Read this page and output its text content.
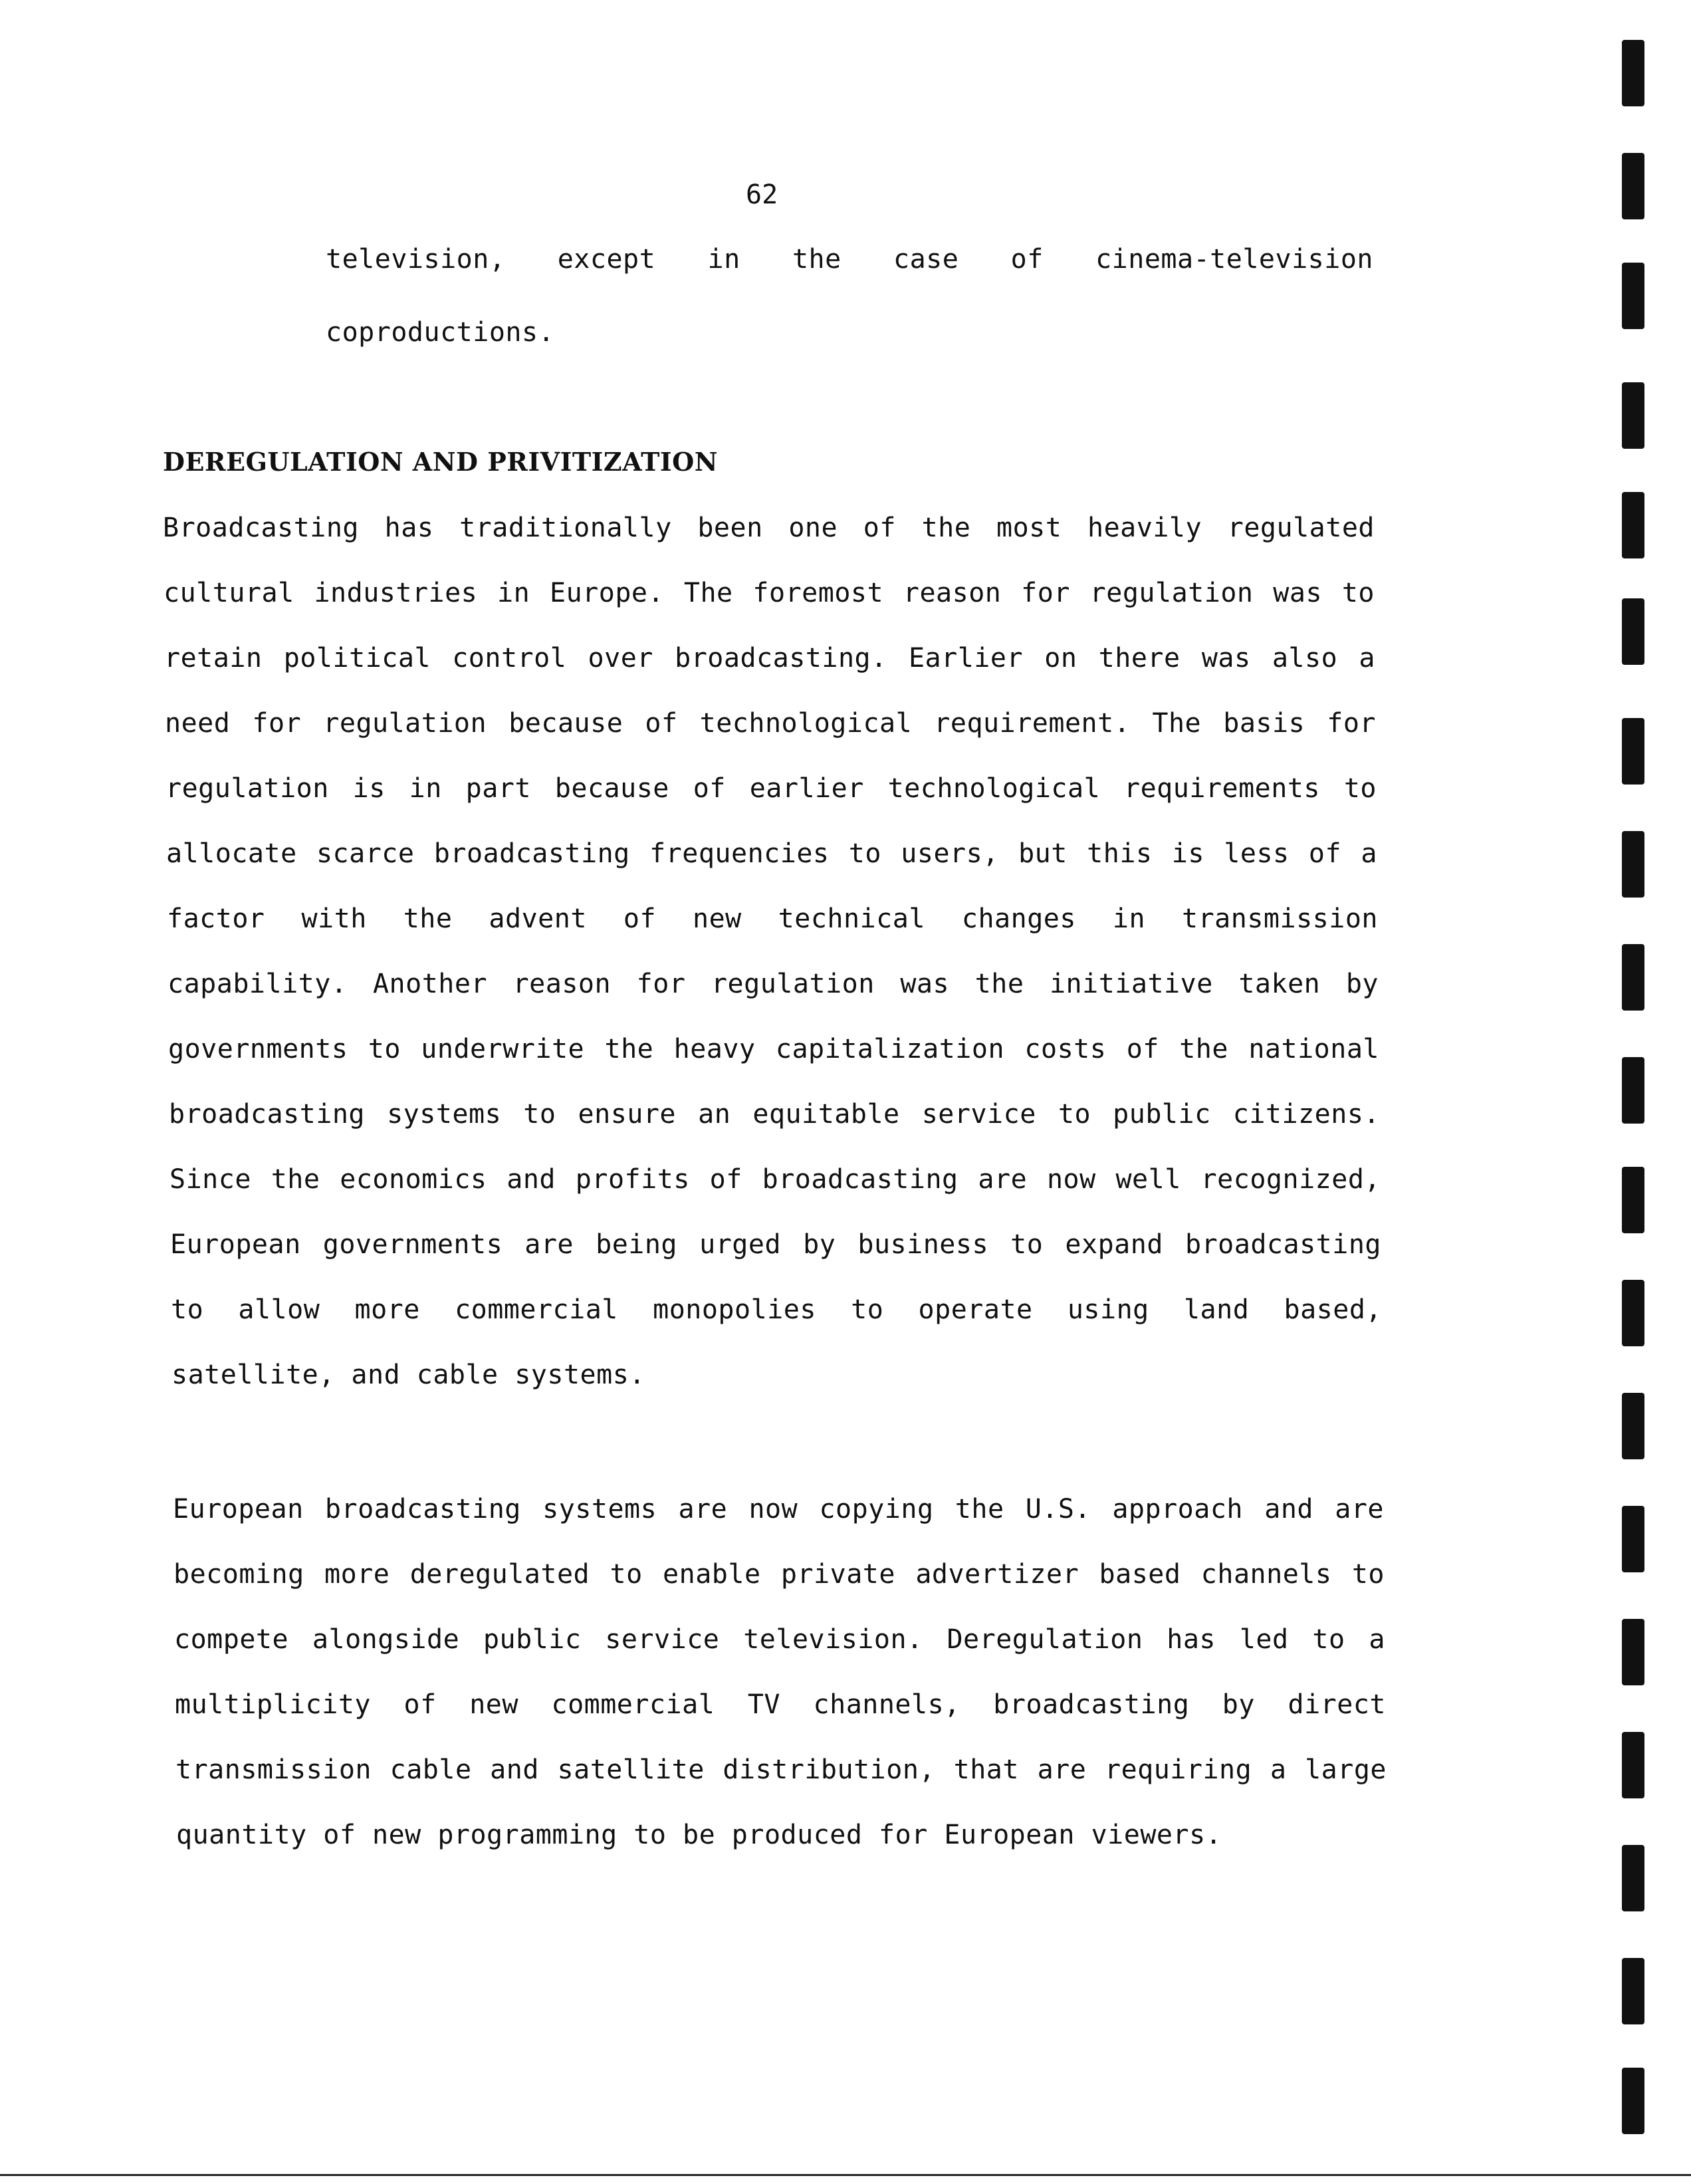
62
television, except in the case of cinema-television
coproductions.
DEREGULATION AND PRIVITIZATION
Broadcasting has traditionally been one of the most heavily regulated
cultural industries in Europe. The foremost reason for regulation was to
retain political control over broadcasting. Earlier on there was also a
need for regulation because of technological requirement. The basis for
regulation is in part because of earlier technological requirements to
allocate scarce broadcasting frequencies to users, but this is less of a
factor with the advent of new technical changes in transmission
capability. Another reason for regulation was the initiative taken by
governments to underwrite the heavy capitalization costs of the national
broadcasting systems to ensure an equitable service to public citizens.
Since the economics and profits of broadcasting are now well recognized,
European governments are being urged by business to expand broadcasting
to allow more commercial monopolies to operate using land based,
satellite, and cable systems.
European broadcasting systems are now copying the U.S. approach and are
becoming more deregulated to enable private advertizer based channels to
compete alongside public service television. Deregulation has led to a
multiplicity of new commercial TV channels, broadcasting by direct
transmission cable and satellite distribution, that are requiring a large
quantity of new programming to be produced for European viewers.
